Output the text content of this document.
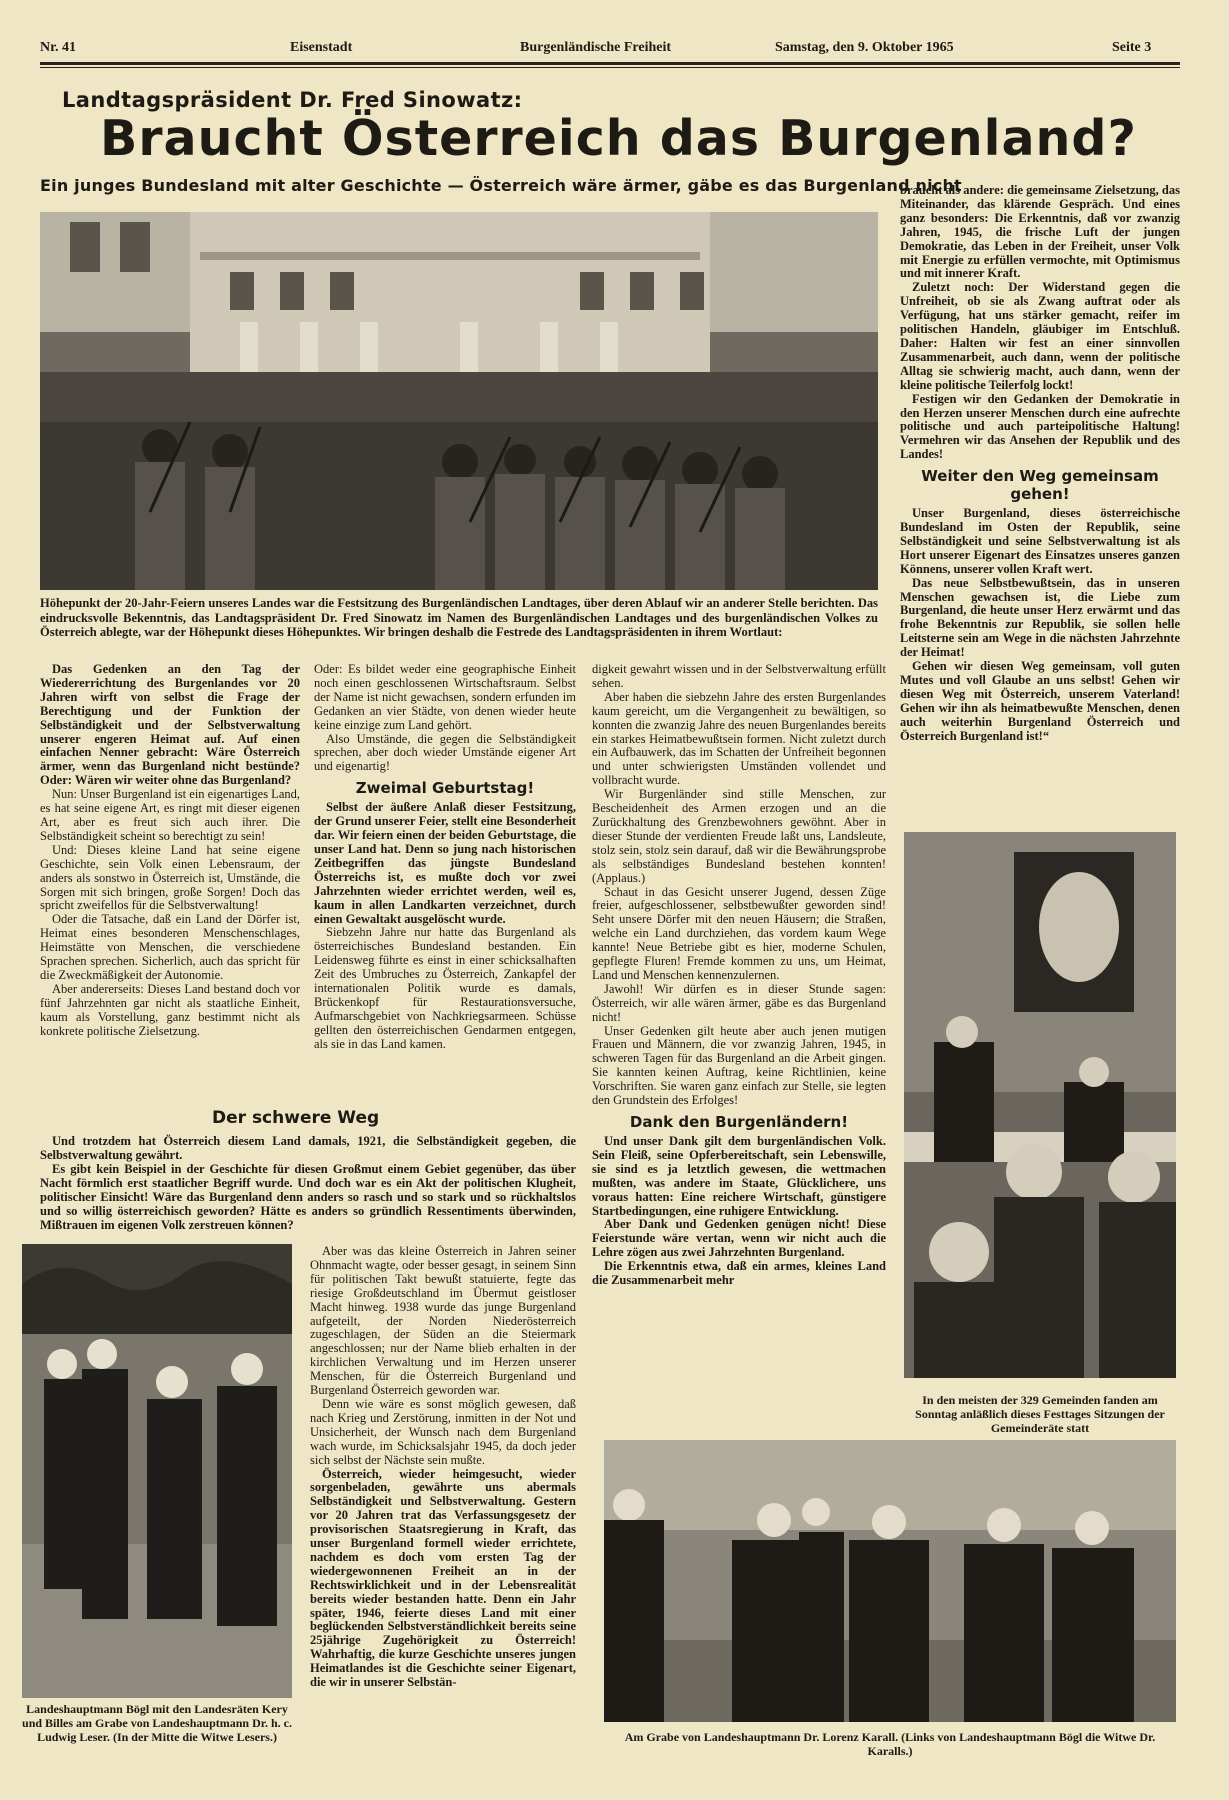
Nr. 41	Eisenstadt	Burgenländische Freiheit	Samstag, den 9. Oktober 1965	Seite 3
Landtagspräsident Dr. Fred Sinowatz:
Braucht Österreich das Burgenland?
Ein junges Bundesland mit alter Geschichte — Österreich wäre ärmer, gäbe es das Burgenland nicht
Höhepunkt der 20-Jahr-Feiern unseres Landes war die Festsitzung des Burgenländischen Landtages, über deren Ablauf wir an anderer Stelle berichten. Das eindrucksvolle Bekenntnis, das Landtagspräsident Dr. Fred Sinowatz im Namen des Burgenländischen Landtages und des burgenländischen Volkes zu Österreich ablegte, war der Höhepunkt dieses Höhepunktes. Wir bringen deshalb die Festrede des Landtagspräsidenten in ihrem Wortlaut:

Das Gedenken an den Tag der Wiedererrichtung des Burgenlandes vor 20 Jahren wirft von selbst die Frage der Berechtigung und der Funktion der Selbständigkeit und der Selbstverwaltung unserer engeren Heimat auf. Auf einen einfachen Nenner gebracht: Wäre Österreich ärmer, wenn das Burgenland nicht bestünde? Oder: Wären wir weiter ohne das Burgenland?

Nun: Unser Burgenland ist ein eigenartiges Land, es hat seine eigene Art, es ringt mit dieser eigenen Art, aber es freut sich auch ihrer. Die Selbständigkeit scheint so berechtigt zu sein!

Und: Dieses kleine Land hat seine eigene Geschichte, sein Volk einen Lebensraum, der anders als sonstwo in Österreich ist, Umstände, die Sorgen mit sich bringen, große Sorgen! Doch das spricht zweifellos für die Selbstverwaltung!

Oder die Tatsache, daß ein Land der Dörfer ist, Heimat eines besonderen Menschenschlages, Heimstätte von Menschen, die verschiedene Sprachen sprechen. Sicherlich, auch das spricht für die Zweckmäßigkeit der Autonomie.

Aber andererseits: Dieses Land bestand doch vor fünf Jahrzehnten gar nicht als staatliche Einheit, kaum als Vorstellung, ganz bestimmt nicht als konkrete politische Zielsetzung.

Oder: Es bildet weder eine geographische Einheit noch einen geschlossenen Wirtschaftsraum. Selbst der Name ist nicht gewachsen, sondern erfunden im Gedanken an vier Städte, von denen wieder heute keine einzige zum Land gehört.

Also Umstände, die gegen die Selbständigkeit sprechen, aber doch wieder Umstände eigener Art und eigenartig!

Zweimal Geburtstag!

Selbst der äußere Anlaß dieser Festsitzung, der Grund unserer Feier, stellt eine Besonderheit dar. Wir feiern einen der beiden Geburtstage, die unser Land hat. Denn so jung nach historischen Zeitbegriffen das jüngste Bundesland Österreichs ist, es mußte doch vor zwei Jahrzehnten wieder errichtet werden, weil es, kaum in allen Landkarten verzeichnet, durch einen Gewaltakt ausgelöscht wurde.

Siebzehn Jahre nur hatte das Burgenland als österreichisches Bundesland bestanden. Ein Leidensweg führte es einst in einer schicksalhaften Zeit des Umbruches zu Österreich, Zankapfel der internationalen Politik wurde es damals, Brückenkopf für Restaurationsversuche, Aufmarschgebiet von Nachkriegsarmeen. Schüsse gellten den österreichischen Gendarmen entgegen, als sie in das Land kamen.

Der schwere Weg

Und trotzdem hat Österreich diesem Land damals, 1921, die Selbständigkeit gegeben, die Selbstverwaltung gewährt.

Es gibt kein Beispiel in der Geschichte für diesen Großmut einem Gebiet gegenüber, das über Nacht förmlich erst staatlicher Begriff wurde. Und doch war es ein Akt der politischen Klugheit, politischer Einsicht! Wäre das Burgenland denn anders so rasch und so stark und so rückhaltslos und so willig österreichisch geworden? Hätte es anders so gründlich Ressentiments überwinden, Mißtrauen im eigenen Volk zerstreuen können?

Landeshauptmann Bögl mit den Landesräten Kery und Billes am Grabe von Landeshauptmann Dr. h. c. Ludwig Leser. (In der Mitte die Witwe Lesers.)

Aber was das kleine Österreich in Jahren seiner Ohnmacht wagte, oder besser gesagt, in seinem Sinn für politischen Takt bewußt statuierte, fegte das riesige Großdeutschland im Übermut geistloser Macht hinweg. 1938 wurde das junge Burgenland aufgeteilt, der Norden Niederösterreich zugeschlagen, der Süden an die Steiermark angeschlossen; nur der Name blieb erhalten in der kirchlichen Verwaltung und im Herzen unserer Menschen, für die Österreich Burgenland und Burgenland Österreich geworden war.

Denn wie wäre es sonst möglich gewesen, daß nach Krieg und Zerstörung, inmitten in der Not und Unsicherheit, der Wunsch nach dem Burgenland wach wurde, im Schicksalsjahr 1945, da doch jeder sich selbst der Nächste sein mußte.

Österreich, wieder heimgesucht, wieder sorgenbeladen, gewährte uns abermals Selbständigkeit und Selbstverwaltung. Gestern vor 20 Jahren trat das Verfassungsgesetz der provisorischen Staatsregierung in Kraft, das unser Burgenland formell wieder errichtete, nachdem es doch vom ersten Tag der wiedergewonnenen Freiheit an in der Rechtswirklichkeit und in der Lebensrealität bereits wieder bestanden hatte. Denn ein Jahr später, 1946, feierte dieses Land mit einer beglückenden Selbstverständlichkeit bereits seine 25jährige Zugehörigkeit zu Österreich! Wahrhaftig, die kurze Geschichte unseres jungen Heimatlandes ist die Geschichte seiner Eigenart, die wir in unserer Selbstän-

digkeit gewahrt wissen und in der Selbstverwaltung erfüllt sehen.

Aber haben die siebzehn Jahre des ersten Burgenlandes kaum gereicht, um die Vergangenheit zu bewältigen, so konnten die zwanzig Jahre des neuen Burgenlandes bereits ein starkes Heimatbewußtsein formen. Nicht zuletzt durch ein Aufbauwerk, das im Schatten der Unfreiheit begonnen und unter schwierigsten Umständen vollendet und vollbracht wurde.

Wir Burgenländer sind stille Menschen, zur Bescheidenheit des Armen erzogen und an die Zurückhaltung des Grenzbewohners gewöhnt. Aber in dieser Stunde der verdienten Freude laßt uns, Landsleute, stolz sein, stolz sein darauf, daß wir die Bewährungsprobe als selbständiges Bundesland bestehen konnten! (Applaus.)

Schaut in das Gesicht unserer Jugend, dessen Züge freier, aufgeschlossener, selbstbewußter geworden sind! Seht unsere Dörfer mit den neuen Häusern; die Straßen, welche ein Land durchziehen, das vordem kaum Wege kannte! Neue Betriebe gibt es hier, moderne Schulen, gepflegte Fluren! Fremde kommen zu uns, um Heimat, Land und Menschen kennenzulernen.

Jawohl! Wir dürfen es in dieser Stunde sagen: Österreich, wir alle wären ärmer, gäbe es das Burgenland nicht!

Unser Gedenken gilt heute aber auch jenen mutigen Frauen und Männern, die vor zwanzig Jahren, 1945, in schweren Tagen für das Burgenland an die Arbeit gingen. Sie kannten keinen Auftrag, keine Richtlinien, keine Vorschriften. Sie waren ganz einfach zur Stelle, sie legten den Grundstein des Erfolges!

Dank den Burgenländern!

Und unser Dank gilt dem burgenländischen Volk. Sein Fleiß, seine Opferbereitschaft, sein Lebenswille, sie sind es ja letztlich gewesen, die wettmachen mußten, was andere im Staate, Glücklichere, uns voraus hatten: Eine reichere Wirtschaft, günstigere Startbedingungen, eine ruhigere Entwicklung.

Aber Dank und Gedenken genügen nicht! Diese Feierstunde wäre vertan, wenn wir nicht auch die Lehre zögen aus zwei Jahrzehnten Burgenland.

Die Erkenntnis etwa, daß ein armes, kleines Land die Zusammenarbeit mehr

braucht als andere: die gemeinsame Zielsetzung, das Miteinander, das klärende Gespräch. Und eines ganz besonders: Die Erkenntnis, daß vor zwanzig Jahren, 1945, die frische Luft der jungen Demokratie, das Leben in der Freiheit, unser Volk mit Energie zu erfüllen vermochte, mit Optimismus und mit innerer Kraft.

Zuletzt noch: Der Widerstand gegen die Unfreiheit, ob sie als Zwang auftrat oder als Verfügung, hat uns stärker gemacht, reifer im politischen Handeln, gläubiger im Entschluß. Daher: Halten wir fest an einer sinnvollen Zusammenarbeit, auch dann, wenn der politische Alltag sie schwierig macht, auch dann, wenn der kleine politische Teilerfolg lockt!

Festigen wir den Gedanken der Demokratie in den Herzen unserer Menschen durch eine aufrechte politische und auch parteipolitische Haltung! Vermehren wir das Ansehen der Republik und des Landes!

Weiter den Weg gemeinsam gehen!

Unser Burgenland, dieses österreichische Bundesland im Osten der Republik, seine Selbständigkeit und seine Selbstverwaltung ist als Hort unserer Eigenart des Einsatzes unseres ganzen Könnens, unserer vollen Kraft wert.

Das neue Selbstbewußtsein, das in unseren Menschen gewachsen ist, die Liebe zum Burgenland, die heute unser Herz erwärmt und das frohe Bekenntnis zur Republik, sie sollen helle Leitsterne sein am Wege in die nächsten Jahrzehnte der Heimat!

Gehen wir diesen Weg gemeinsam, voll guten Mutes und voll Glaube an uns selbst! Gehen wir diesen Weg mit Österreich, unserem Vaterland! Gehen wir ihn als heimatbewußte Menschen, denen auch weiterhin Burgenland Österreich und Österreich Burgenland ist!“

In den meisten der 329 Gemeinden fanden am Sonntag anläßlich dieses Festtages Sitzungen der Gemeinderäte statt
Am Grabe von Landeshauptmann Dr. Lorenz Karall. (Links von Landeshauptmann Bögl die Witwe Dr. Karalls.)
